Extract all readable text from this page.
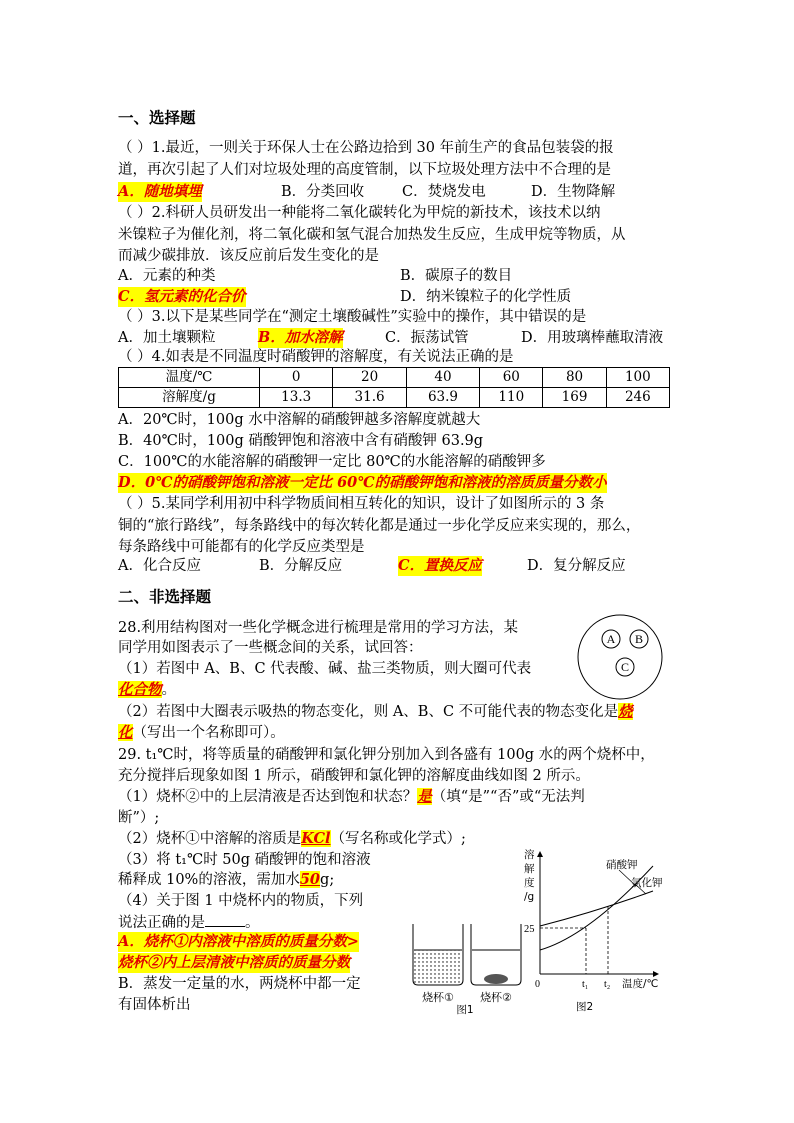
一、选择题
（ ）1.最近，一则关于环保人士在公路边拾到 30 年前生产的食品包装袋的报
道，再次引起了人们对垃圾处理的高度管制，以下垃圾处理方法中不合理的是
A．随地填埋	B．分类回收	C．焚烧发电	D．生物降解
（ ）2.科研人员研发出一种能将二氧化碳转化为甲烷的新技术，该技术以纳
米镍粒子为催化剂，将二氧化碳和氢气混合加热发生反应，生成甲烷等物质，从
而减少碳排放．该反应前后发生变化的是
A．元素的种类	B．碳原子的数目
C．氢元素的化合价	D．纳米镍粒子的化学性质
（ ）3.以下是某些同学在“测定土壤酸碱性”实验中的操作，其中错误的是
A．加土壤颗粒	B．加水溶解	C．振荡试管	D．用玻璃棒蘸取清液
（ ）4.如表是不同温度时硝酸钾的溶解度，有关说法正确的是
温度/℃	0	20	40	60	80	100
溶解度/g	13.3	31.6	63.9	110	169	246
A．20℃时，100g 水中溶解的硝酸钾越多溶解度就越大
B．40℃时，100g 硝酸钾饱和溶液中含有硝酸钾 63.9g
C．100℃的水能溶解的硝酸钾一定比 80℃的水能溶解的硝酸钾多
D．0℃的硝酸钾饱和溶液一定比 60℃的硝酸钾饱和溶液的溶质质量分数小
（ ）5.某同学利用初中科学物质间相互转化的知识，设计了如图所示的 3 条
铜的“旅行路线”，每条路线中的每次转化都是通过一步化学反应来实现的，那么，
每条路线中可能都有的化学反应类型是
A．化合反应	B．分解反应	C．置换反应	D．复分解反应
二、非选择题
28.利用结构图对一些化学概念进行梳理是常用的学习方法，某
同学用如图表示了一些概念间的关系，试回答：
（1）若图中 A、B、C 代表酸、碱、盐三类物质，则大圈可代表
化合物。
（2）若图中大圈表示吸热的物态变化，则 A、B、C 不可能代表的物态变化是烧
化（写出一个名称即可）。
A B
C
29. t₁℃时，将等质量的硝酸钾和氯化钾分别加入到各盛有 100g 水的两个烧杯中，
充分搅拌后现象如图 1 所示，硝酸钾和氯化钾的溶解度曲线如图 2 所示。
（1）烧杯②中的上层清液是否达到饱和状态？是（填“是”“否”或“无法判
断”）;
（2）烧杯①中溶解的溶质是KCl（写名称或化学式）;
（3）将 t₁℃时 50g 硝酸钾的饱和溶液
稀释成 10%的溶液，需加水50g;
（4）关于图 1 中烧杯内的物质，下列
说法正确的是	。
A．烧杯①内溶液中溶质的质量分数>
烧杯②内上层清液中溶质的质量分数
B．蒸发一定量的水，两烧杯中都一定
有固体析出	烧杯① 烧杯②
图1
溶
解
度
/g
硝酸钾
氯化钾
25
0	t₁ t₂ 温度/℃
图2
